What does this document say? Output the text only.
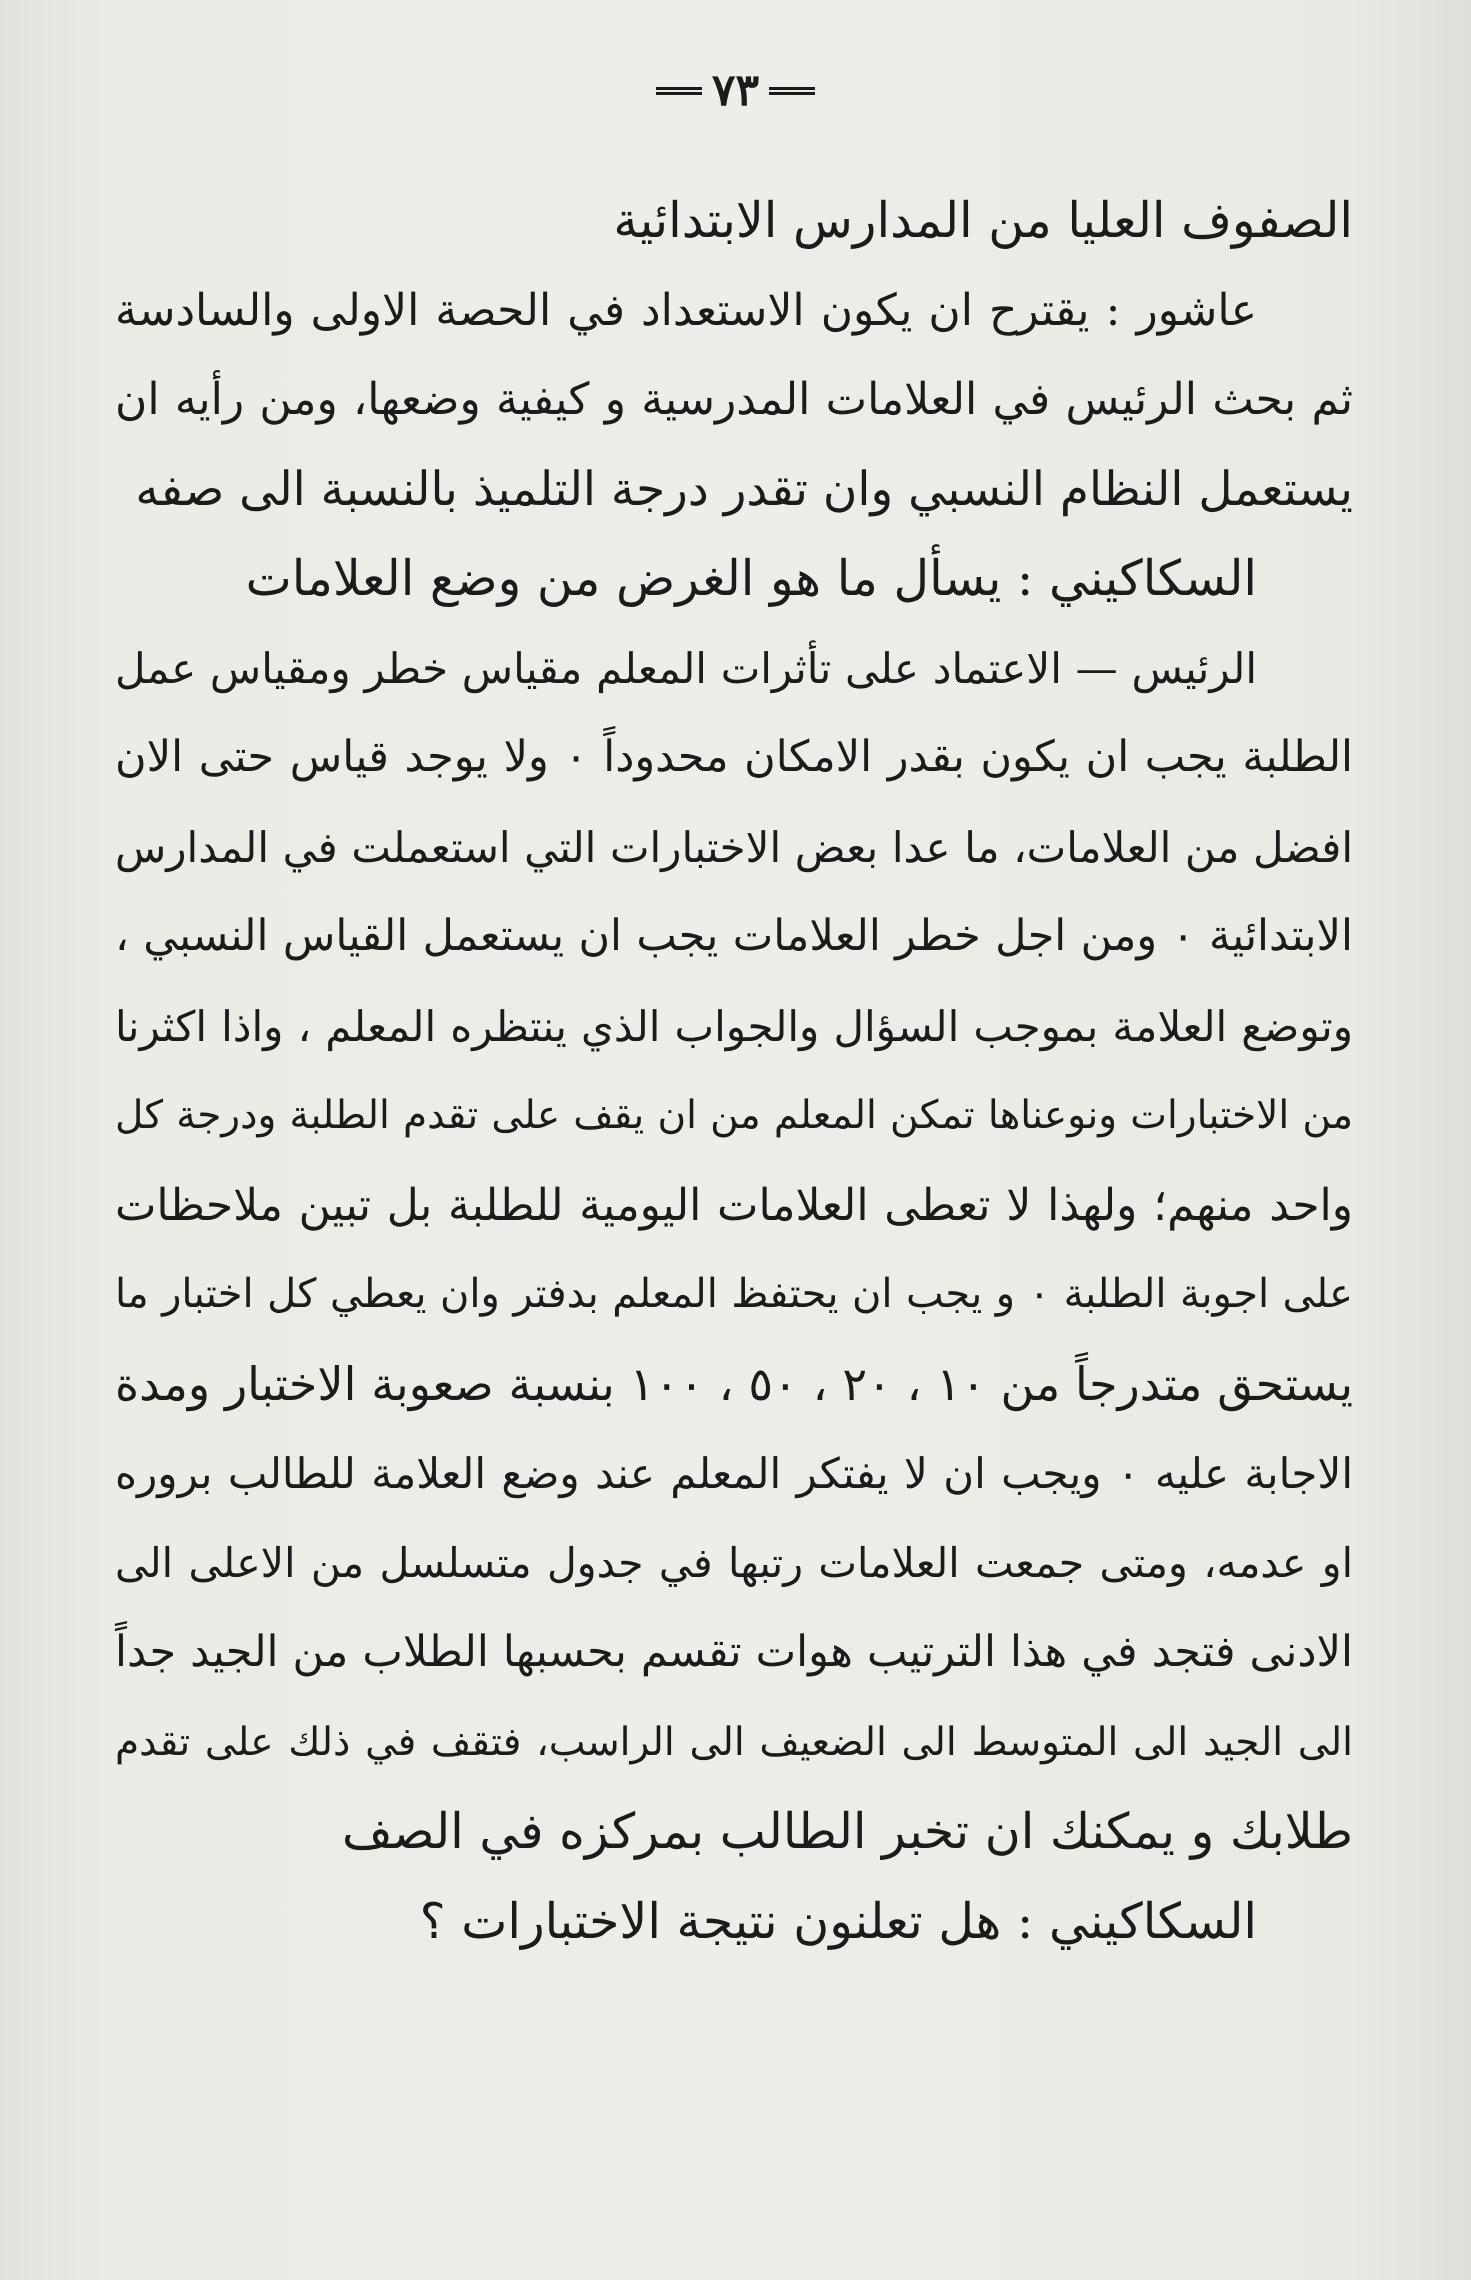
٧٣
الصفوف العليا من المدارس الابتدائية
عاشور : يقترح ان يكون الاستعداد في الحصة الاولى والسادسة
ثم بحث الرئيس في العلامات المدرسية و كيفية وضعها، ومن رأيه ان
يستعمل النظام النسبي وان تقدر درجة التلميذ بالنسبة الى صفه
السكاكيني : يسأل ما هو الغرض من وضع العلامات
الرئيس — الاعتماد على تأثرات المعلم مقياس خطر ومقياس عمل
الطلبة يجب ان يكون بقدر الامكان محدوداً ٠ ولا يوجد قياس حتى الان
افضل من العلامات، ما عدا بعض الاختبارات التي استعملت في المدارس
الابتدائية ٠ ومن اجل خطر العلامات يجب ان يستعمل القياس النسبي ،
وتوضع العلامة بموجب السؤال والجواب الذي ينتظره المعلم ، واذا اكثرنا
من الاختبارات ونوعناها تمكن المعلم من ان يقف على تقدم الطلبة ودرجة كل
واحد منهم؛ ولهذا لا تعطى العلامات اليومية للطلبة بل تبين ملاحظات
على اجوبة الطلبة ٠ و يجب ان يحتفظ المعلم بدفتر وان يعطي كل اختبار ما
يستحق متدرجاً من ١٠ ، ٢٠ ، ٥٠ ، ١٠٠ بنسبة صعوبة الاختبار ومدة
الاجابة عليه ٠ ويجب ان لا يفتكر المعلم عند وضع العلامة للطالب بروره
او عدمه، ومتى جمعت العلامات رتبها في جدول متسلسل من الاعلى الى
الادنى فتجد في هذا الترتيب هوات تقسم بحسبها الطلاب من الجيد جداً
الى الجيد الى المتوسط الى الضعيف الى الراسب، فتقف في ذلك على تقدم
طلابك و يمكنك ان تخبر الطالب بمركزه في الصف
السكاكيني : هل تعلنون نتيجة الاختبارات ؟
